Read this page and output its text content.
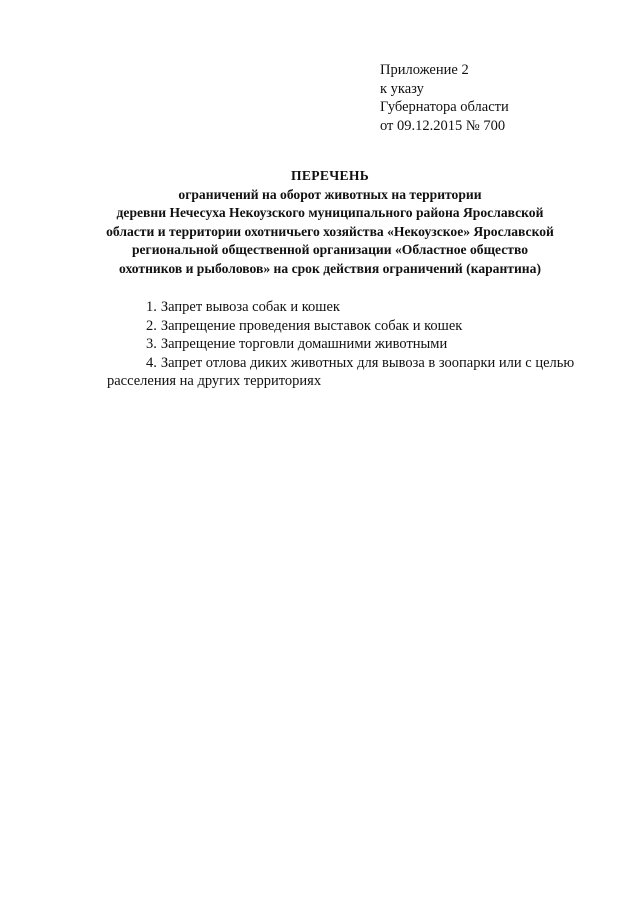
Приложение 2
к указу
Губернатора области
от 09.12.2015 № 700
ПЕРЕЧЕНЬ
ограничений на оборот животных на территории
деревни Нечесуха Некоузского муниципального района Ярославской
области и территории охотничьего хозяйства «Некоузское» Ярославской
региональной общественной организации «Областное общество
охотников и рыболовов» на срок действия ограничений (карантина)
1. Запрет вывоза собак и кошек
2. Запрещение проведения выставок собак и кошек
3. Запрещение торговли домашними животными
4. Запрет отлова диких животных для вывоза в зоопарки или с целью расселения на других территориях
